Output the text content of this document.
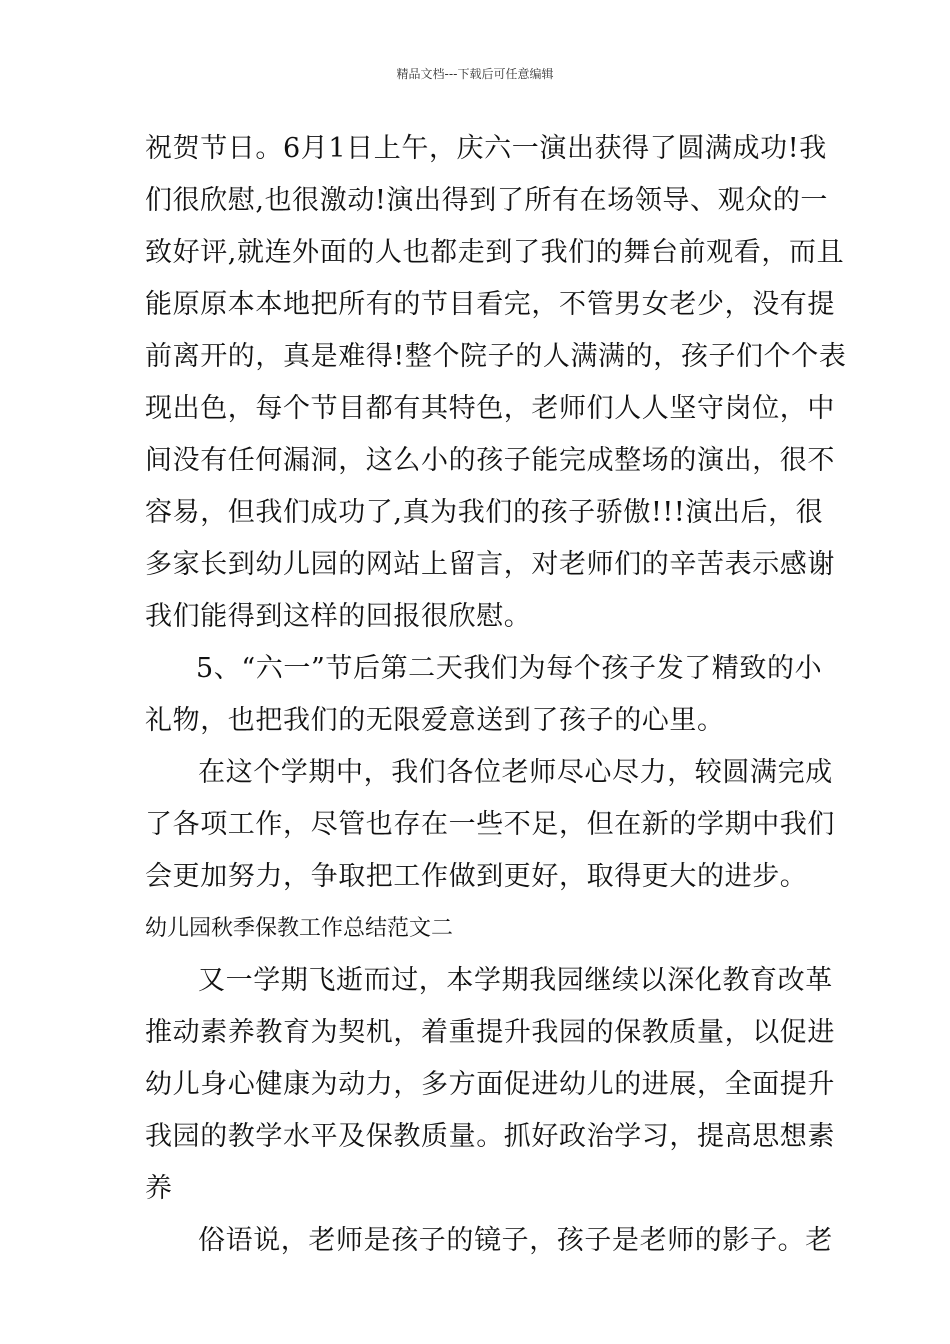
精品文档---下载后可任意编辑
祝贺节日。6月1日上午，庆六一演出获得了圆满成功!我
们很欣慰,也很激动!演出得到了所有在场领导、观众的一
致好评,就连外面的人也都走到了我们的舞台前观看，而且
能原原本本地把所有的节目看完，不管男女老少，没有提
前离开的，真是难得!整个院子的人满满的，孩子们个个表
现出色，每个节目都有其特色，老师们人人坚守岗位，中
间没有任何漏洞，这么小的孩子能完成整场的演出，很不
容易，但我们成功了,真为我们的孩子骄傲!!!演出后，很
多家长到幼儿园的网站上留言，对老师们的辛苦表示感谢
我们能得到这样的回报很欣慰。
5、“六一”节后第二天我们为每个孩子发了精致的小
礼物，也把我们的无限爱意送到了孩子的心里。
在这个学期中，我们各位老师尽心尽力，较圆满完成
了各项工作，尽管也存在一些不足，但在新的学期中我们
会更加努力，争取把工作做到更好，取得更大的进步。
幼儿园秋季保教工作总结范文二
又一学期飞逝而过，本学期我园继续以深化教育改革
推动素养教育为契机，着重提升我园的保教质量，以促进
幼儿身心健康为动力，多方面促进幼儿的进展，全面提升
我园的教学水平及保教质量。抓好政治学习，提高思想素
养
俗语说，老师是孩子的镜子，孩子是老师的影子。老
